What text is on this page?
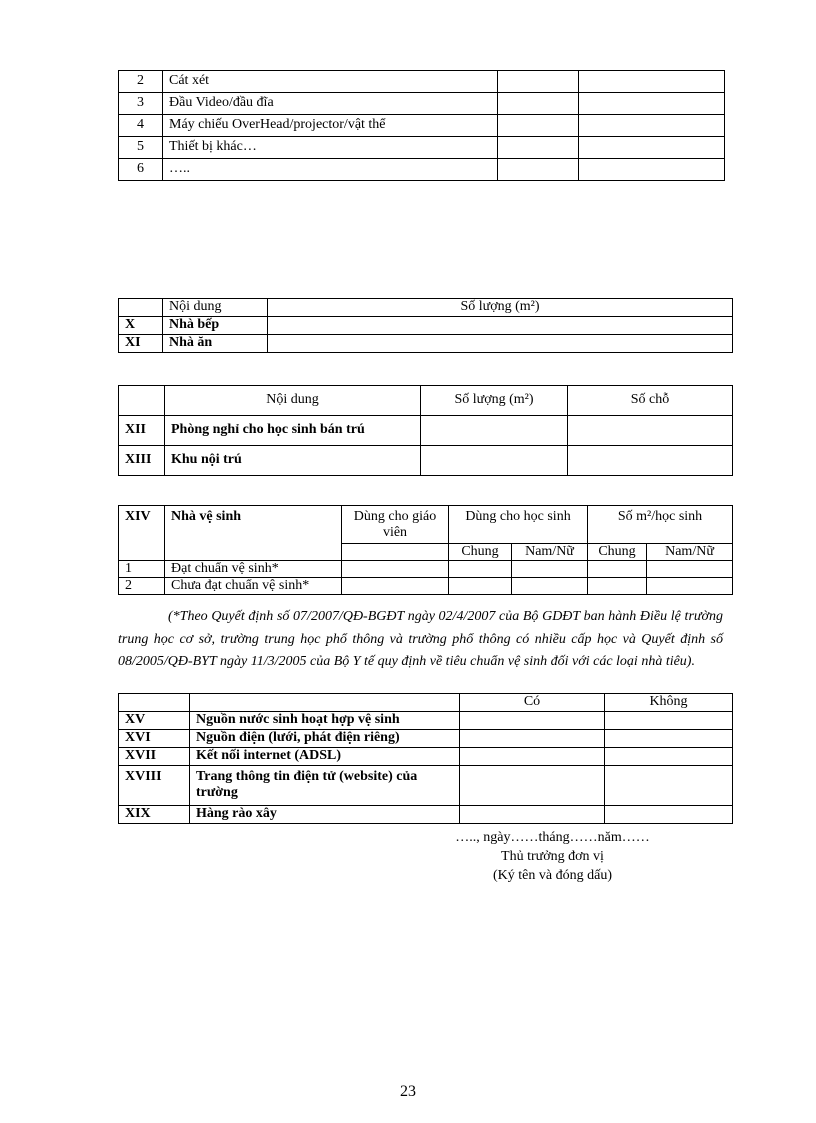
2	Cát xét		
3	Đầu Video/đầu đĩa		
4	Máy chiếu OverHead/projector/vật thể		
5	Thiết bị khác…		
6	…..		
	Nội dung	Số lượng (m²)
X	Nhà bếp	
XI	Nhà ăn	
	Nội dung	Số lượng (m²)	Số chỗ
XII	Phòng nghỉ cho học sinh bán trú		
XIII	Khu nội trú		
XIV	Nhà vệ sinh	Dùng cho giáo viên	Dùng cho học sinh		Số m²/học sinh	
			Chung	Nam/Nữ	Chung	Nam/Nữ
1	Đạt chuẩn vệ sinh*					
2	Chưa đạt chuẩn vệ sinh*					
(*Theo Quyết định số 07/2007/QĐ-BGĐT ngày 02/4/2007 của Bộ GDĐT ban hành Điều lệ trường trung học cơ sở, trường trung học phổ thông và trường phổ thông có nhiều cấp học và Quyết định số 08/2005/QĐ-BYT ngày 11/3/2005 của Bộ Y tế quy định về tiêu chuẩn vệ sinh đối với các loại nhà tiêu).
		Có	Không
XV	Nguồn nước sinh hoạt hợp vệ sinh		
XVI	Nguồn điện (lưới, phát điện riêng)		
XVII	Kết nối internet (ADSL)		
XVIII	Trang thông tin điện tử (website) của trường		
XIX	Hàng rào xây		
….., ngày……tháng……năm……
Thủ trưởng đơn vị
(Ký tên và đóng dấu)
23
